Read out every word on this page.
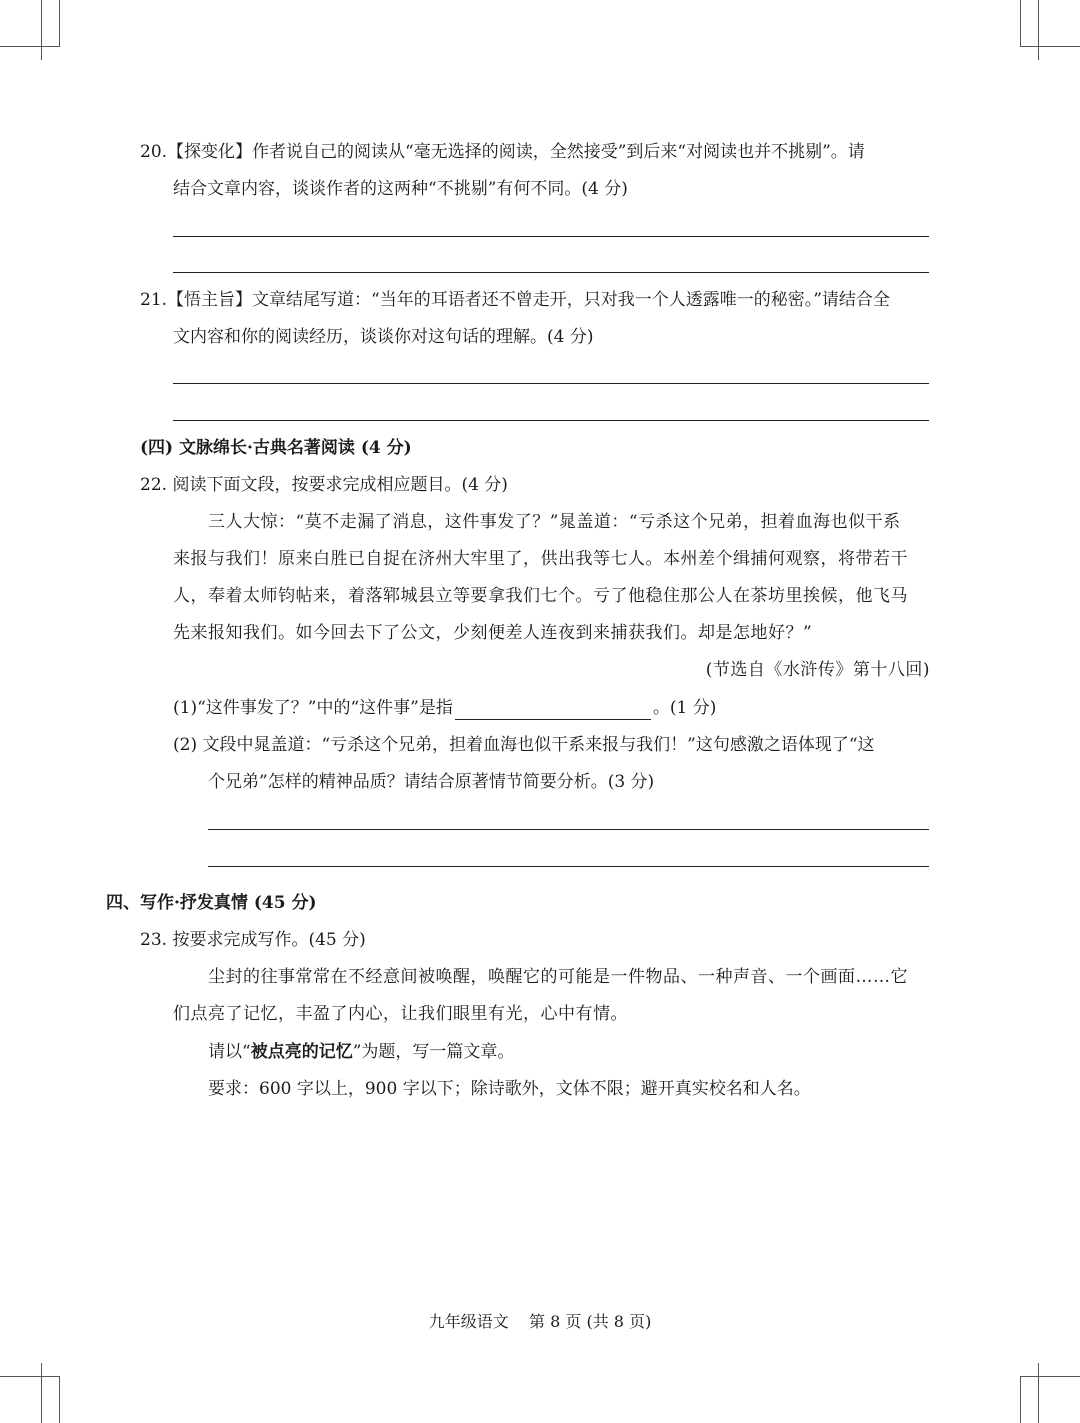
20.【探变化】作者说自己的阅读从“毫无选择的阅读，全然接受”到后来“对阅读也并不挑剔”。请
结合文章内容，谈谈作者的这两种“不挑剔”有何不同。(4 分)
21.【悟主旨】文章结尾写道：“当年的耳语者还不曾走开，只对我一个人透露唯一的秘密。”请结合全
文内容和你的阅读经历，谈谈你对这句话的理解。(4 分)
(四) 文脉绵长·古典名著阅读 (4 分)
22. 阅读下面文段，按要求完成相应题目。(4 分)
三人大惊：“莫不走漏了消息，这件事发了？”晁盖道：“亏杀这个兄弟，担着血海也似干系
来报与我们！原来白胜已自捉在济州大牢里了，供出我等七人。本州差个缉捕何观察，将带若干
人，奉着太师钧帖来，着落郓城县立等要拿我们七个。亏了他稳住那公人在茶坊里挨候，他飞马
先来报知我们。如今回去下了公文，少刻便差人连夜到来捕获我们。却是怎地好？”
(节选自《水浒传》第十八回)
(1)“这件事发了？”中的“这件事”是指	。(1 分)
(2) 文段中晁盖道：“亏杀这个兄弟，担着血海也似干系来报与我们！”这句感激之语体现了“这
个兄弟”怎样的精神品质？请结合原著情节简要分析。(3 分)
四、写作·抒发真情 (45 分)
23. 按要求完成写作。(45 分)
尘封的往事常常在不经意间被唤醒，唤醒它的可能是一件物品、一种声音、一个画面……它
们点亮了记忆，丰盈了内心，让我们眼里有光，心中有情。
请以“被点亮的记忆”为题，写一篇文章。
要求：600 字以上，900 字以下；除诗歌外，文体不限；避开真实校名和人名。
九年级语文    第 8 页 (共 8 页)
